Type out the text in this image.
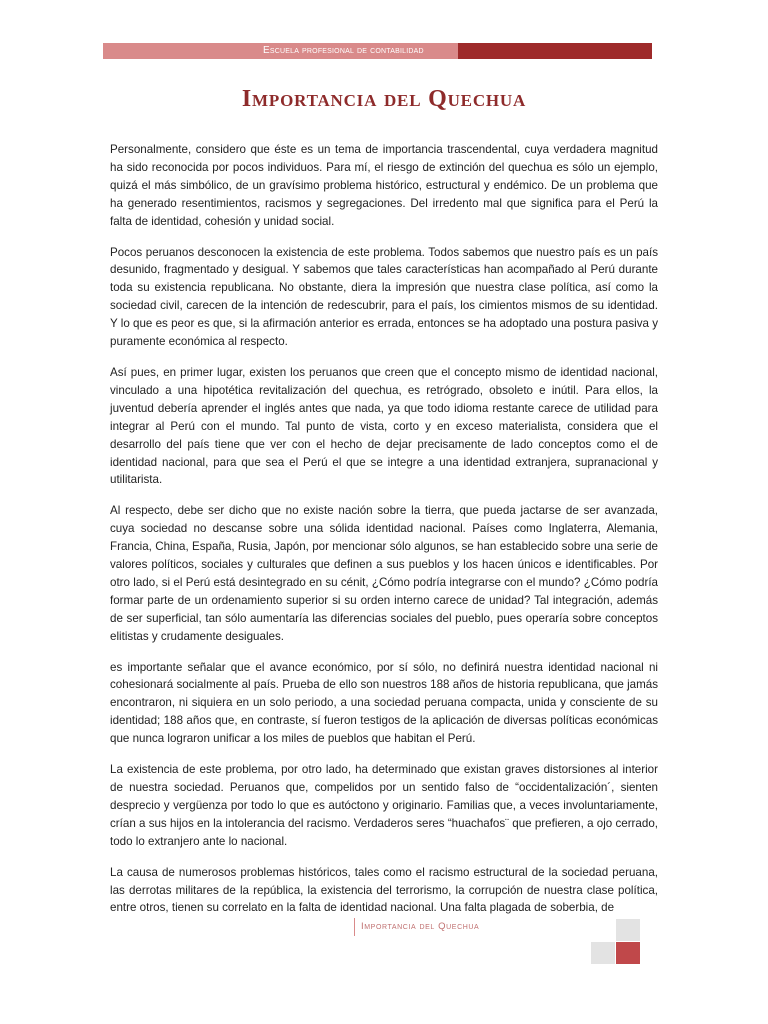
Escuela profesional de contabilidad
Importancia del Quechua

Personalmente, considero que éste es un tema de importancia trascendental, cuya verdadera magnitud ha sido reconocida por pocos individuos. Para mí, el riesgo de extinción del quechua es sólo un ejemplo, quizá el más simbólico, de un gravísimo problema histórico, estructural y endémico. De un problema que ha generado resentimientos, racismos y segregaciones. Del irredento mal que significa para el Perú la falta de identidad, cohesión y unidad social.

Pocos peruanos desconocen la existencia de este problema. Todos sabemos que nuestro país es un país desunido, fragmentado y desigual. Y sabemos que tales características han acompañado al Perú durante toda su existencia republicana. No obstante, diera la impresión que nuestra clase política, así como la sociedad civil, carecen de la intención de redescubrir, para el país, los cimientos mismos de su identidad. Y lo que es peor es que, si la afirmación anterior es errada, entonces se ha adoptado una postura pasiva y puramente económica al respecto.

Así pues, en primer lugar, existen los peruanos que creen que el concepto mismo de identidad nacional, vinculado a una hipotética revitalización del quechua, es retrógrado, obsoleto e inútil. Para ellos, la juventud debería aprender el inglés antes que nada, ya que todo idioma restante carece de utilidad para integrar al Perú con el mundo. Tal punto de vista, corto y en exceso materialista, considera que el desarrollo del país tiene que ver con el hecho de dejar precisamente de lado conceptos como el de identidad nacional, para que sea el Perú el que se integre a una identidad extranjera, supranacional y utilitarista.

Al respecto, debe ser dicho que no existe nación sobre la tierra, que pueda jactarse de ser avanzada, cuya sociedad no descanse sobre una sólida identidad nacional. Países como Inglaterra, Alemania, Francia, China, España, Rusia, Japón, por mencionar sólo algunos, se han establecido sobre una serie de valores políticos, sociales y culturales que definen a sus pueblos y los hacen únicos e identificables. Por otro lado, si el Perú está desintegrado en su cénit, ¿Cómo podría integrarse con el mundo? ¿Cómo podría formar parte de un ordenamiento superior si su orden interno carece de unidad? Tal integración, además de ser superficial, tan sólo aumentaría las diferencias sociales del pueblo, pues operaría sobre conceptos elitistas y crudamente desiguales.

es importante señalar que el avance económico, por sí sólo, no definirá nuestra identidad nacional ni cohesionará socialmente al país. Prueba de ello son nuestros 188 años de historia republicana, que jamás encontraron, ni siquiera en un solo periodo, a una sociedad peruana compacta, unida y consciente de su identidad; 188 años que, en contraste, sí fueron testigos de la aplicación de diversas políticas económicas que nunca lograron unificar a los miles de pueblos que habitan el Perú.

La existencia de este problema, por otro lado, ha determinado que existan graves distorsiones al interior de nuestra sociedad. Peruanos que, compelidos por un sentido falso de “occidentalización´, sienten desprecio y vergüenza por todo lo que es autóctono y originario. Familias que, a veces involuntariamente, crían a sus hijos en la intolerancia del racismo. Verdaderos seres “huachafos¨ que prefieren, a ojo cerrado, todo lo extranjero ante lo nacional.

La causa de numerosos problemas históricos, tales como el racismo estructural de la sociedad peruana, las derrotas militares de la república, la existencia del terrorismo, la corrupción de nuestra clase política, entre otros, tienen su correlato en la falta de identidad nacional. Una falta plagada de soberbia, de

Importancia del Quechua
